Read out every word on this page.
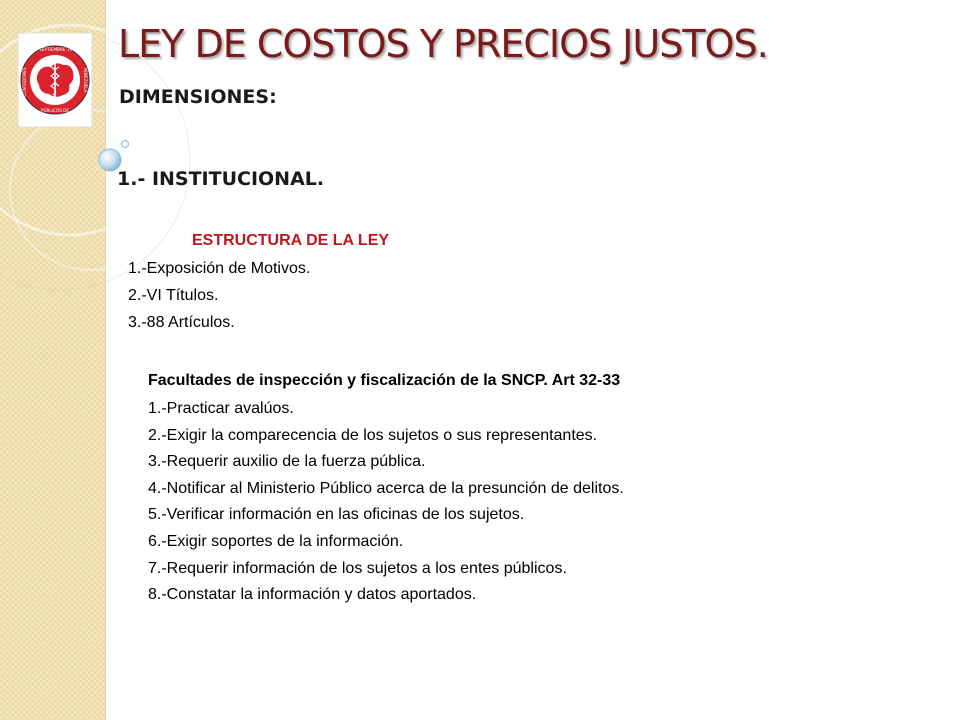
27 SEPTIEMBRE 1973
CONTADORES	VENEZUELA
PÚBLICOS DE
LEY DE COSTOS Y PRECIOS JUSTOS.
DIMENSIONES:
1.- INSTITUCIONAL.

ESTRUCTURA DE LA LEY

1.-Exposición de Motivos.

2.-VI Títulos.

3.-88 Artículos.

Facultades de inspección y fiscalización de la SNCP. Art 32-33

1.-Practicar avalúos.

2.-Exigir la comparecencia de los sujetos o sus representantes.

3.-Requerir auxilio de la fuerza pública.

4.-Notificar al Ministerio Público acerca de la presunción de delitos.

5.-Verificar información en las oficinas de los sujetos.

6.-Exigir soportes de la información.

7.-Requerir información de los sujetos a los entes públicos.

8.-Constatar la información y datos aportados.
